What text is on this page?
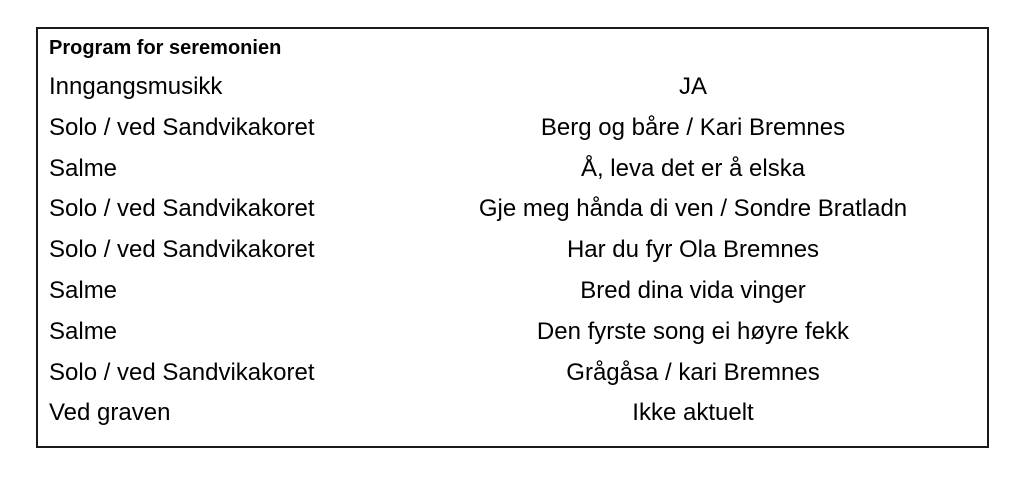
Program for seremonien
Inngangsmusikk	JA
Solo / ved Sandvikakoret	Berg og båre / Kari Bremnes
Salme	Å, leva det er å elska
Solo / ved Sandvikakoret	Gje meg hånda di ven / Sondre Bratladn
Solo / ved Sandvikakoret	Har du fyr Ola Bremnes
Salme	Bred dina vida vinger
Salme	Den fyrste song ei høyre fekk
Solo / ved Sandvikakoret	Grågåsa / kari Bremnes
Ved graven	Ikke aktuelt
